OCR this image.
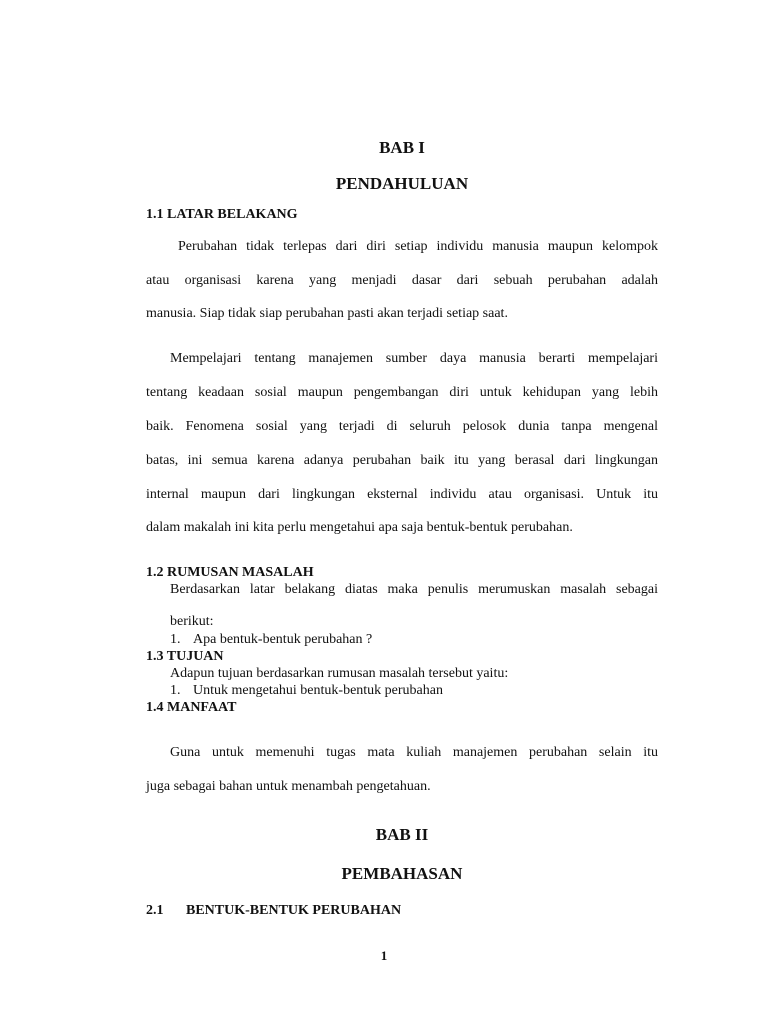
BAB I
PENDAHULUAN
1.1 LATAR BELAKANG
Perubahan tidak terlepas dari diri setiap individu manusia maupun kelompok
atau organisasi karena yang menjadi dasar dari sebuah perubahan adalah
manusia. Siap tidak siap perubahan pasti akan terjadi setiap saat.
Mempelajari tentang manajemen sumber daya manusia berarti mempelajari
tentang keadaan sosial maupun pengembangan diri untuk kehidupan yang lebih
baik. Fenomena sosial yang terjadi di seluruh pelosok dunia tanpa mengenal
batas, ini semua karena adanya perubahan baik itu yang berasal dari lingkungan
internal maupun dari lingkungan eksternal individu atau organisasi. Untuk itu
dalam makalah ini kita perlu mengetahui apa saja bentuk-bentuk perubahan.
1.2 RUMUSAN MASALAH
Berdasarkan latar belakang diatas maka penulis merumuskan masalah sebagai
berikut:
1. Apa bentuk-bentuk perubahan ?
1.3 TUJUAN
Adapun tujuan berdasarkan rumusan masalah tersebut yaitu:
1. Untuk mengetahui bentuk-bentuk perubahan
1.4 MANFAAT
Guna untuk memenuhi tugas mata kuliah manajemen perubahan selain itu
juga sebagai bahan untuk menambah pengetahuan.
BAB II
PEMBAHASAN
2.1 BENTUK-BENTUK PERUBAHAN
1
